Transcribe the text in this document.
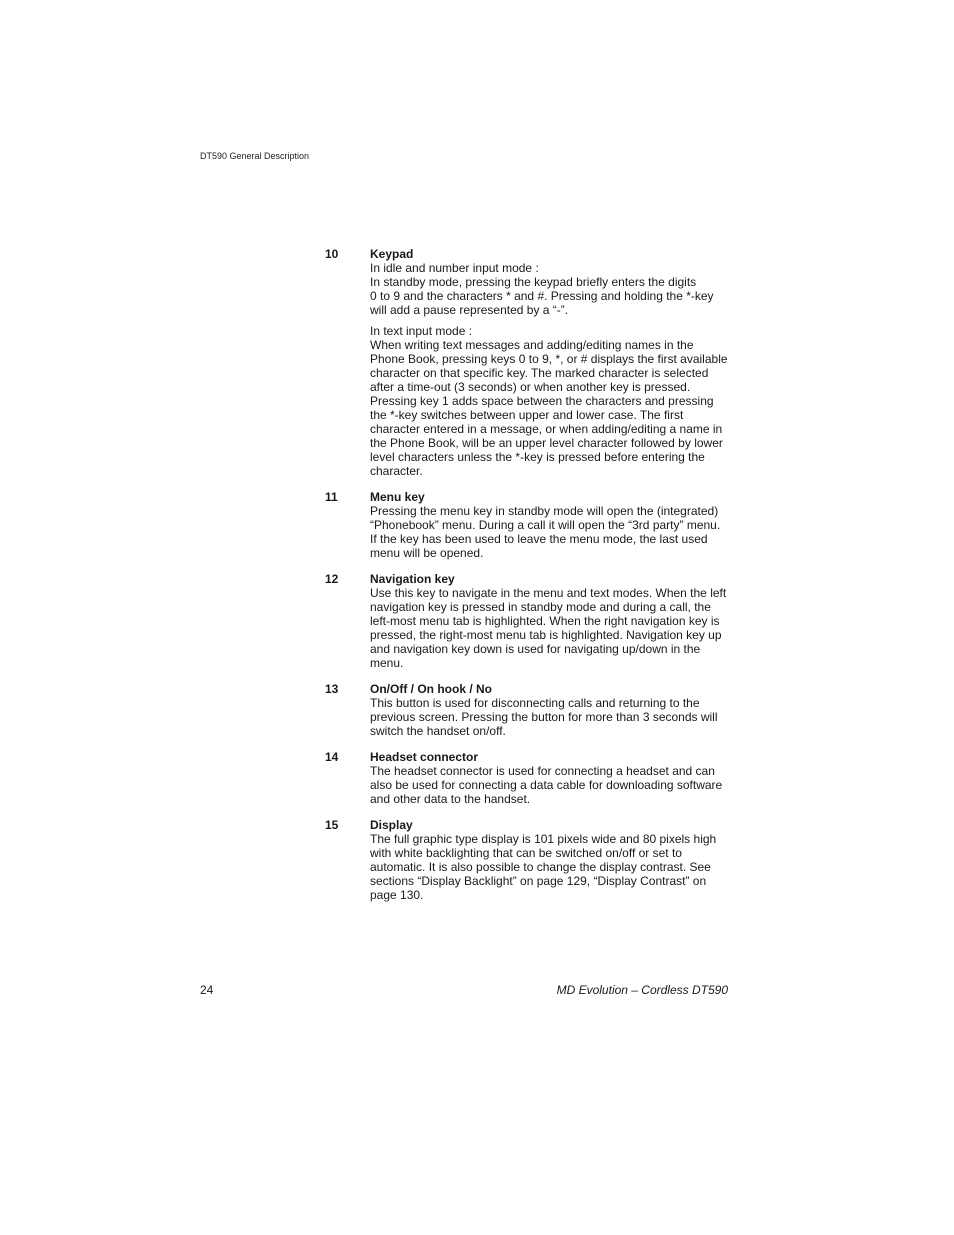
DT590 General Description
10	Keypad

In idle and number input mode :
In standby mode, pressing the keypad briefly enters the digits
0 to 9 and the characters * and #. Pressing and holding the *-key
will add a pause represented by a “-”.

In text input mode :
When writing text messages and adding/editing names in the
Phone Book, pressing keys 0 to 9, *, or # displays the first available
character on that specific key. The marked character is selected
after a time-out (3 seconds) or when another key is pressed.
Pressing key 1 adds space between the characters and pressing
the *-key switches between upper and lower case. The first
character entered in a message, or when adding/editing a name in
the Phone Book, will be an upper level character followed by lower
level characters unless the *-key is pressed before entering the
character.

11	Menu key

Pressing the menu key in standby mode will open the (integrated)
“Phonebook” menu. During a call it will open the “3rd party” menu.
If the key has been used to leave the menu mode, the last used
menu will be opened.

12	Navigation key

Use this key to navigate in the menu and text modes. When the left
navigation key is pressed in standby mode and during a call, the
left-most menu tab is highlighted. When the right navigation key is
pressed, the right-most menu tab is highlighted. Navigation key up
and navigation key down is used for navigating up/down in the
menu.

13	On/Off / On hook / No

This button is used for disconnecting calls and returning to the
previous screen. Pressing the button for more than 3 seconds will
switch the handset on/off.

14	Headset connector

The headset connector is used for connecting a headset and can
also be used for connecting a data cable for downloading software
and other data to the handset.

15	Display

The full graphic type display is 101 pixels wide and 80 pixels high
with white backlighting that can be switched on/off or set to
automatic. It is also possible to change the display contrast. See
sections “Display Backlight” on page 129, “Display Contrast” on
page 130.

24	MD Evolution – Cordless DT590
